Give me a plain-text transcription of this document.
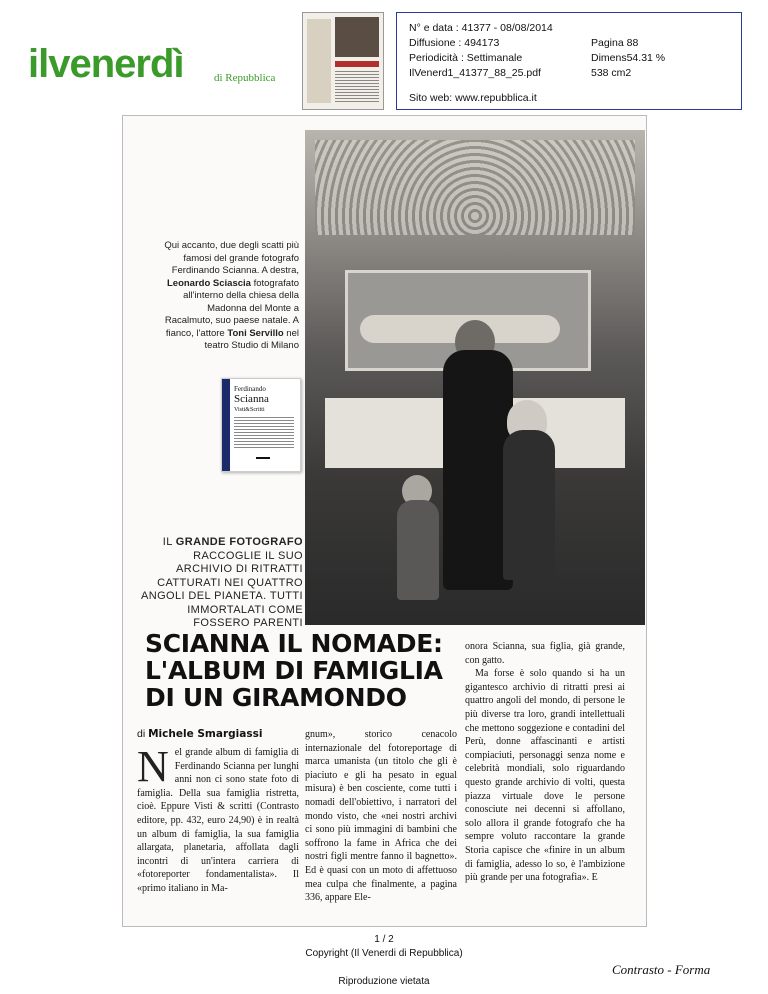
ilvenerdì	di Repubblica
N° e data : 41377 - 08/08/2014
Diffusione : 494173
Periodicità : Settimanale
IlVenerd1_41377_88_25.pdf
Pagina 88
Dimens54.31 %
538 cm2
Sito web: www.repubblica.it
Qui accanto, due degli scatti più famosi del grande fotografo Ferdinando Scianna. A destra, Leonardo Sciascia fotografato all'interno della chiesa della Madonna del Monte a Racalmuto, suo paese natale. A fianco, l'attore Toni Servillo nel teatro Studio di Milano
Ferdinando
Scianna
Visti&Scritti
IL GRANDE FOTOGRAFO RACCOGLIE IL SUO ARCHIVIO DI RITRATTI CATTURATI NEI QUATTRO ANGOLI DEL PIANETA. TUTTI IMMORTALATI COME FOSSERO PARENTI
SCIANNA IL NOMADE:
L'ALBUM DI FAMIGLIA
DI UN GIRAMONDO
di Michele Smargiassi
Nel grande album di famiglia di Ferdinando Scianna per lunghi anni non ci sono state foto di famiglia. Della sua famiglia ristretta, cioè. Eppure Visti & scritti (Contrasto editore, pp. 432, euro 24,90) è in realtà un album di famiglia, la sua famiglia allargata, planetaria, affollata dagli incontri di un'intera carriera di «fotoreporter fondamentalista». Il «primo italiano in Ma-
gnum», storico cenacolo internazionale del fotoreportage di marca umanista (un titolo che gli è piaciuto e gli ha pesato in egual misura) è ben cosciente, come tutti i nomadi dell'obiettivo, i narratori del mondo visto, che «nei nostri archivi ci sono più immagini di bambini che soffrono la fame in Africa che dei nostri figli mentre fanno il bagnetto». Ed è quasi con un moto di affettuoso mea culpa che finalmente, a pagina 336, appare Ele-
onora Scianna, sua figlia, già grande, con gatto.
Ma forse è solo quando si ha un gigantesco archivio di ritratti presi ai quattro angoli del mondo, di persone le più diverse tra loro, grandi intellettuali che mettono soggezione e contadini del Perù, donne affascinanti e artisti compiaciuti, personaggi senza nome e celebrità mondiali, solo riguardando questo grande archivio di volti, questa piazza virtuale dove le persone conosciute nei decenni si affollano, solo allora il grande fotografo che ha sempre voluto raccontare la grande Storia capisce che «finire in un album di famiglia, adesso lo so, è l'ambizione più grande per una fotografia». E
1 / 2
Copyright (Il Venerdi di Repubblica)
Riproduzione vietata
Contrasto - Forma
